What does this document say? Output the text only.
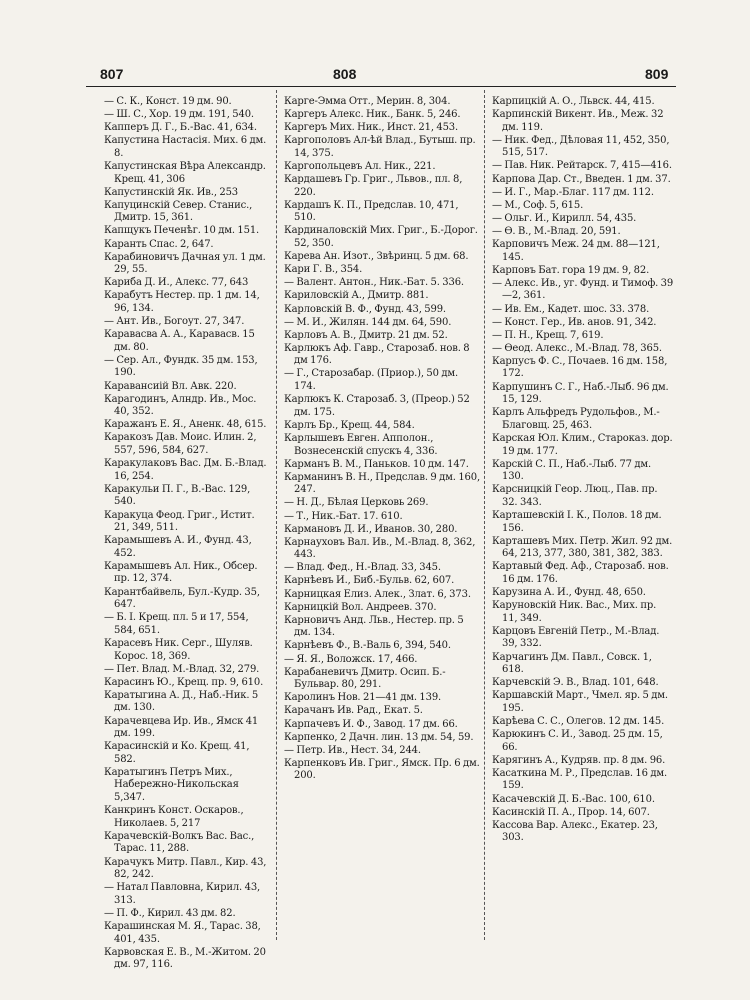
807	808	809
— С. К., Конст. 19 дм. 90.
— Ш. С., Хор. 19 дм. 191, 540.
Капперъ Д. Г., Б.-Вас. 41, 634.
Капустина Настасія. Мих. 6 дм. 8.
Капустинская Вѣра Александр. Крещ. 41, 306
Капустинскій Як. Ив., 253
Капуцинскій Север. Станис., Дмитр. 15, 361.
Капщукъ Печенѣг. 10 дм. 151.
Каранть Спас. 2, 647.
Карабиновичъ Дачная ул. 1 дм. 29, 55.
Кариба Д. И., Алекс. 77, 643
Карабутъ Нестер. пр. 1 дм. 14, 96, 134.
— Ант. Ив., Богоут. 27, 347.
Каравасва А. А., Каравасв. 15 дм. 80.
— Сер. Ал., Фундк. 35 дм. 153, 190.
Каравансиій Вл. Авк. 220.
Карагодинъ, Алндр. Ив., Мос. 40, 352.
Каражанъ Е. Я., Аненк. 48, 615.
Каракозъ Дав. Моис. Илин. 2, 557, 596, 584, 627.
Каракулаковъ Вас. Дм. Б.-Влад. 16, 254.
Каракульи П. Г., В.-Вас. 129, 540.
Каракуца Феод. Григ., Истит. 21, 349, 511.
Карамышевъ А. И., Фунд. 43, 452.
Карамышевъ Ал. Ник., Обсер. пр. 12, 374.
Карантбайвель, Бул.-Кудр. 35, 647.
— Б. І. Крещ. пл. 5 и 17, 554, 584, 651.
Карасевъ Ник. Серг., Шуляв. Корос. 18, 369.
— Пет. Влад. М.-Влад. 32, 279.
Карасинъ Ю., Крещ. пр. 9, 610.
Каратыгина А. Д., Наб.-Ник. 5 дм. 130.
Карачевцева Ир. Ив., Ямск 41 дм. 199.
Карасинскій и Ко. Крещ. 41, 582.
Каратыгинъ Петръ Мих., Набережно-Никольская 5,347.
Канкринъ Конст. Оскаров., Николаев. 5, 217
Карачевскій-Волкъ Вас. Вас., Тарас. 11, 288.
Карачукъ Митр. Павл., Кир. 43, 82, 242.
— Натал Павловна, Кирил. 43, 313.
— П. Ф., Кирил. 43 дм. 82.
Карашинская М. Я., Тарас. 38, 401, 435.
Карвовская Е. В., М.-Житом. 20 дм. 97, 116.
Карге-Эмма Отт., Мерин. 8, 304.
Каргеръ Алекс. Ник., Банк. 5, 246.
Каргеръ Мих. Ник., Инст. 21, 453.
Каргополовъ Ал-ѣй Влад., Бутыш. пр. 14, 375.
Каргопольцевъ Ал. Ник., 221.
Кардашевъ Гр. Григ., Львов., пл. 8, 220.
Кардашъ К. П., Предслав. 10, 471, 510.
Кардиналовскій Мих. Григ., Б.-Дорог. 52, 350.
Карева Ан. Изот., Звѣринц. 5 дм. 68.
Кари Г. В., 354.
— Валент. Антон., Ник.-Бат. 5. 336.
Кариловскій А., Дмитр. 881.
Карловскій В. Ф., Фунд. 43, 599.
— М. И., Жилян. 144 дм. 64, 590.
Карловъ А. В., Дмитр. 21 дм. 52.
Карлюкъ Аф. Гавр., Старозаб. нов. 8 дм 176.
— Г., Старозабар. (Приор.), 50 дм. 174.
Карлюкъ К. Старозаб. 3, (Преор.) 52 дм. 175.
Карлъ Бр., Крещ. 44, 584.
Карлышевъ Евген. Апполон., Вознесенскій спускъ 4, 336.
Карманъ В. М., Паньков. 10 дм. 147.
Карманинъ В. Н., Предслав. 9 дм. 160, 247.
— Н. Д., Бѣлая Церковь 269.
— Т., Ник.-Бат. 17. 610.
Кармановъ Д. И., Иванов. 30, 280.
Карнауховъ Вал. Ив., М.-Влад. 8, 362, 443.
— Влад. Фед., Н.-Влад. 33, 345.
Карнѣевъ И., Биб.-Бульв. 62, 607.
Карницкая Елиз. Алек., Злат. 6, 373.
Карницкій Вол. Андреев. 370.
Карновичъ Анд. Льв., Нестер. пр. 5 дм. 134.
Карнѣевъ Ф., В.-Валь 6, 394, 540.
— Я. Я., Воложск. 17, 466.
Карабаневичъ Дмитр. Осип. Б.-Бульвар. 80, 291.
Каролинъ Нов. 21—41 дм. 139.
Карачанъ Ив. Рад., Екат. 5.
Карпачевъ И. Ф., Завод. 17 дм. 66.
Карпенко, 2 Дачн. лин. 13 дм. 54, 59.
— Петр. Ив., Нест. 34, 244.
Карпенковъ Ив. Григ., Ямск. Пр. 6 дм. 200.
Карпицкій А. О., Львск. 44, 415.
Карпинскій Викент. Ив., Меж. 32 дм. 119.
— Ник. Фед., Дѣловая 11, 452, 350, 515, 517.
— Пав. Ник. Рейтарск. 7, 415—416.
Карпова Дар. Ст., Введен. 1 дм. 37.
— И. Г., Мар.-Благ. 117 дм. 112.
— М., Соф. 5, 615.
— Ольг. И., Кирилл. 54, 435.
— Ѳ. В., М.-Влад. 20, 591.
Карповичъ Меж. 24 дм. 88—121, 145.
Карповъ Бат. гора 19 дм. 9, 82.
— Алекс. Ив., уг. Фунд. и Тимоф. 39—2, 361.
— Ив. Ем., Кадет. шос. 33. 378.
— Конст. Гер., Ив. анов. 91, 342.
— П. Н., Крещ. 7, 619.
— Ѳеод. Алекс., М.-Влад. 78, 365.
Карпусъ Ф. С., Почаев. 16 дм. 158, 172.
Карпушинъ С. Г., Наб.-Лыб. 96 дм. 15, 129.
Карлъ Альфредъ Рудольфов., М.-Благовщ. 25, 463.
Карская Юл. Клим., Староказ. дор. 19 дм. 177.
Карскій С. П., Наб.-Лыб. 77 дм. 130.
Карсницкій Геор. Люц., Пав. пр. 32. 343.
Карташевскій І. К., Полов. 18 дм. 156.
Карташевъ Мих. Петр. Жил. 92 дм. 64, 213, 377, 380, 381, 382, 383.
Картавый Фед. Аф., Старозаб. нов. 16 дм. 176.
Карузина А. И., Фунд. 48, 650.
Каруновскій Ник. Вас., Мих. пр. 11, 349.
Карцовъ Евгеній Петр., М.-Влад. 39, 332.
Карчагинъ Дм. Павл., Совск. 1, 618.
Карчевскій Э. В., Влад. 101, 648.
Каршавскій Март., Чмел. яр. 5 дм. 195.
Карѣева С. С., Олегов. 12 дм. 145.
Карюкинъ С. И., Завод. 25 дм. 15, 66.
Карягинъ А., Кудряв. пр. 8 дм. 96.
Касаткина М. Р., Предслав. 16 дм. 159.
Касачевскій Д. Б.-Вас. 100, 610.
Касинскій П. А., Прор. 14, 607.
Кассова Вар. Алекс., Екатер. 23, 303.
